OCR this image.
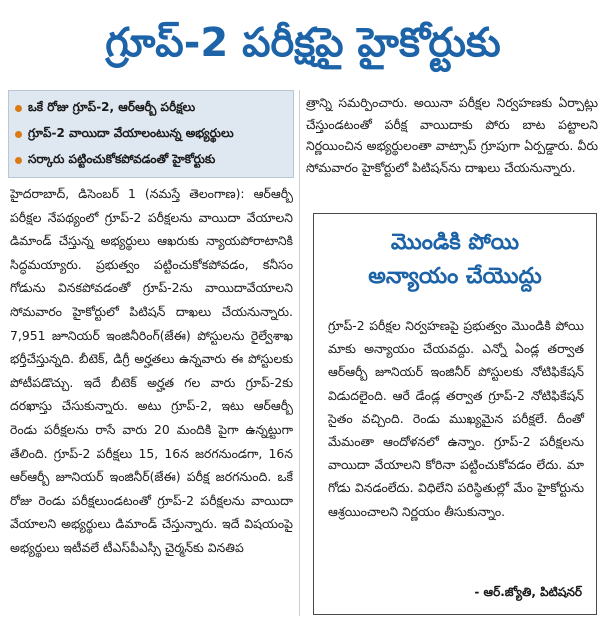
గ్రూప్-2 పరీక్షపై హైకోర్టుకు
ఒకే రోజు గ్రూప్-2, ఆర్ఆర్బీ పరీక్షలు
గ్రూప్-2 వాయిదా వేయాలంటున్న అభ్యర్థులు
సర్కారు పట్టించుకోకపోవడంతో హైకోర్టుకు

హైదరాబాద్, డిసెంబర్ 1 (నమస్తే తెలంగాణ): ఆర్ఆర్బీ పరీక్షల నేపథ్యంలో గ్రూప్-2 పరీక్షలను వాయిదా వేయాలని డిమాండ్ చేస్తున్న అభ్యర్థులు ఆఖరుకు న్యాయపోరాటానికి సిద్ధమయ్యారు. ప్రభుత్వం పట్టించుకోకపోవడం, కనీసం గోడును వినకపోవడంతో గ్రూప్-2ను వాయిదావేయాలని సోమవారం హైకోర్టులో పిటిషన్ దాఖలు చేయనున్నారు. 7,951 జూనియర్ ఇంజినీరింగ్(జేఈ) పోస్టులను రైల్వేశాఖ భర్తీచేస్తున్నది. బీటెక్, డిగ్రీ అర్హతలు ఉన్నవారు ఈ పోస్టులకు పోటీపడొచ్చు. ఇదే బీటెక్ అర్హత గల వారు గ్రూప్-2కు దరఖాస్తు చేసుకున్నారు. అటు గ్రూప్-2, ఇటు ఆర్ఆర్బీ రెండు పరీక్షలను రాసే వారు 20 మందికి పైగా ఉన్నట్టుగా తేలింది. గ్రూప్-2 పరీక్షలు 15, 16న జరగనుండగా, 16న ఆర్ఆర్బీ జూనియర్ ఇంజినీర్(జేఈ) పరీక్ష జరగనుంది. ఒకే రోజు రెండు పరీక్షలుండటంతో గ్రూప్-2 పరీక్షలను వాయిదా వేయాలని అభ్యర్థులు డిమాండ్ చేస్తున్నారు. ఇదే విషయంపై అభ్యర్థులు ఇటీవలే టీఎస్‌పీఎస్సీ చైర్మన్‌కు వినతిప

త్రాన్ని సమర్పించారు. అయినా పరీక్షల నిర్వహణకు ఏర్పాట్లు చేస్తుండటంతో పరీక్ష వాయిదాకు పోరు బాట పట్టాలని నిర్ణయించిన అభ్యర్థులంతా వాట్సాప్ గ్రూపుగా ఏర్పడ్డారు. వీరు సోమవారం హైకోర్టులో పిటిషన్‌ను దాఖలు చేయనున్నారు.

మొండికి పోయి
అన్యాయం చేయొద్దు
గ్రూప్-2 పరీక్షల నిర్వహణపై ప్రభుత్వం మొండికి పోయి మాకు అన్యాయం చేయవద్దు. ఎన్నో ఏండ్ల తర్వాత ఆర్ఆర్బీ జూనియర్ ఇంజినీర్ పోస్టులకు నోటిఫికేషన్ విడుదలైంది. ఆరే డేండ్ల తర్వాత గ్రూప్-2 నోటిఫికేషన్ సైతం వచ్చింది. రెండు ముఖ్యమైన పరీక్షలే. దీంతో మేమంతా ఆందోళనలో ఉన్నాం. గ్రూప్-2 పరీక్షలను వాయిదా వేయాలని కోరినా పట్టించుకోవడం లేదు. మా గోడు వినడంలేదు. విధిలేని పరిస్థితుల్లో మేం హైకోర్టును ఆశ్రయించాలని నిర్ణయం తీసుకున్నాం.
- ఆర్.జ్యోతి, పిటిషనర్
